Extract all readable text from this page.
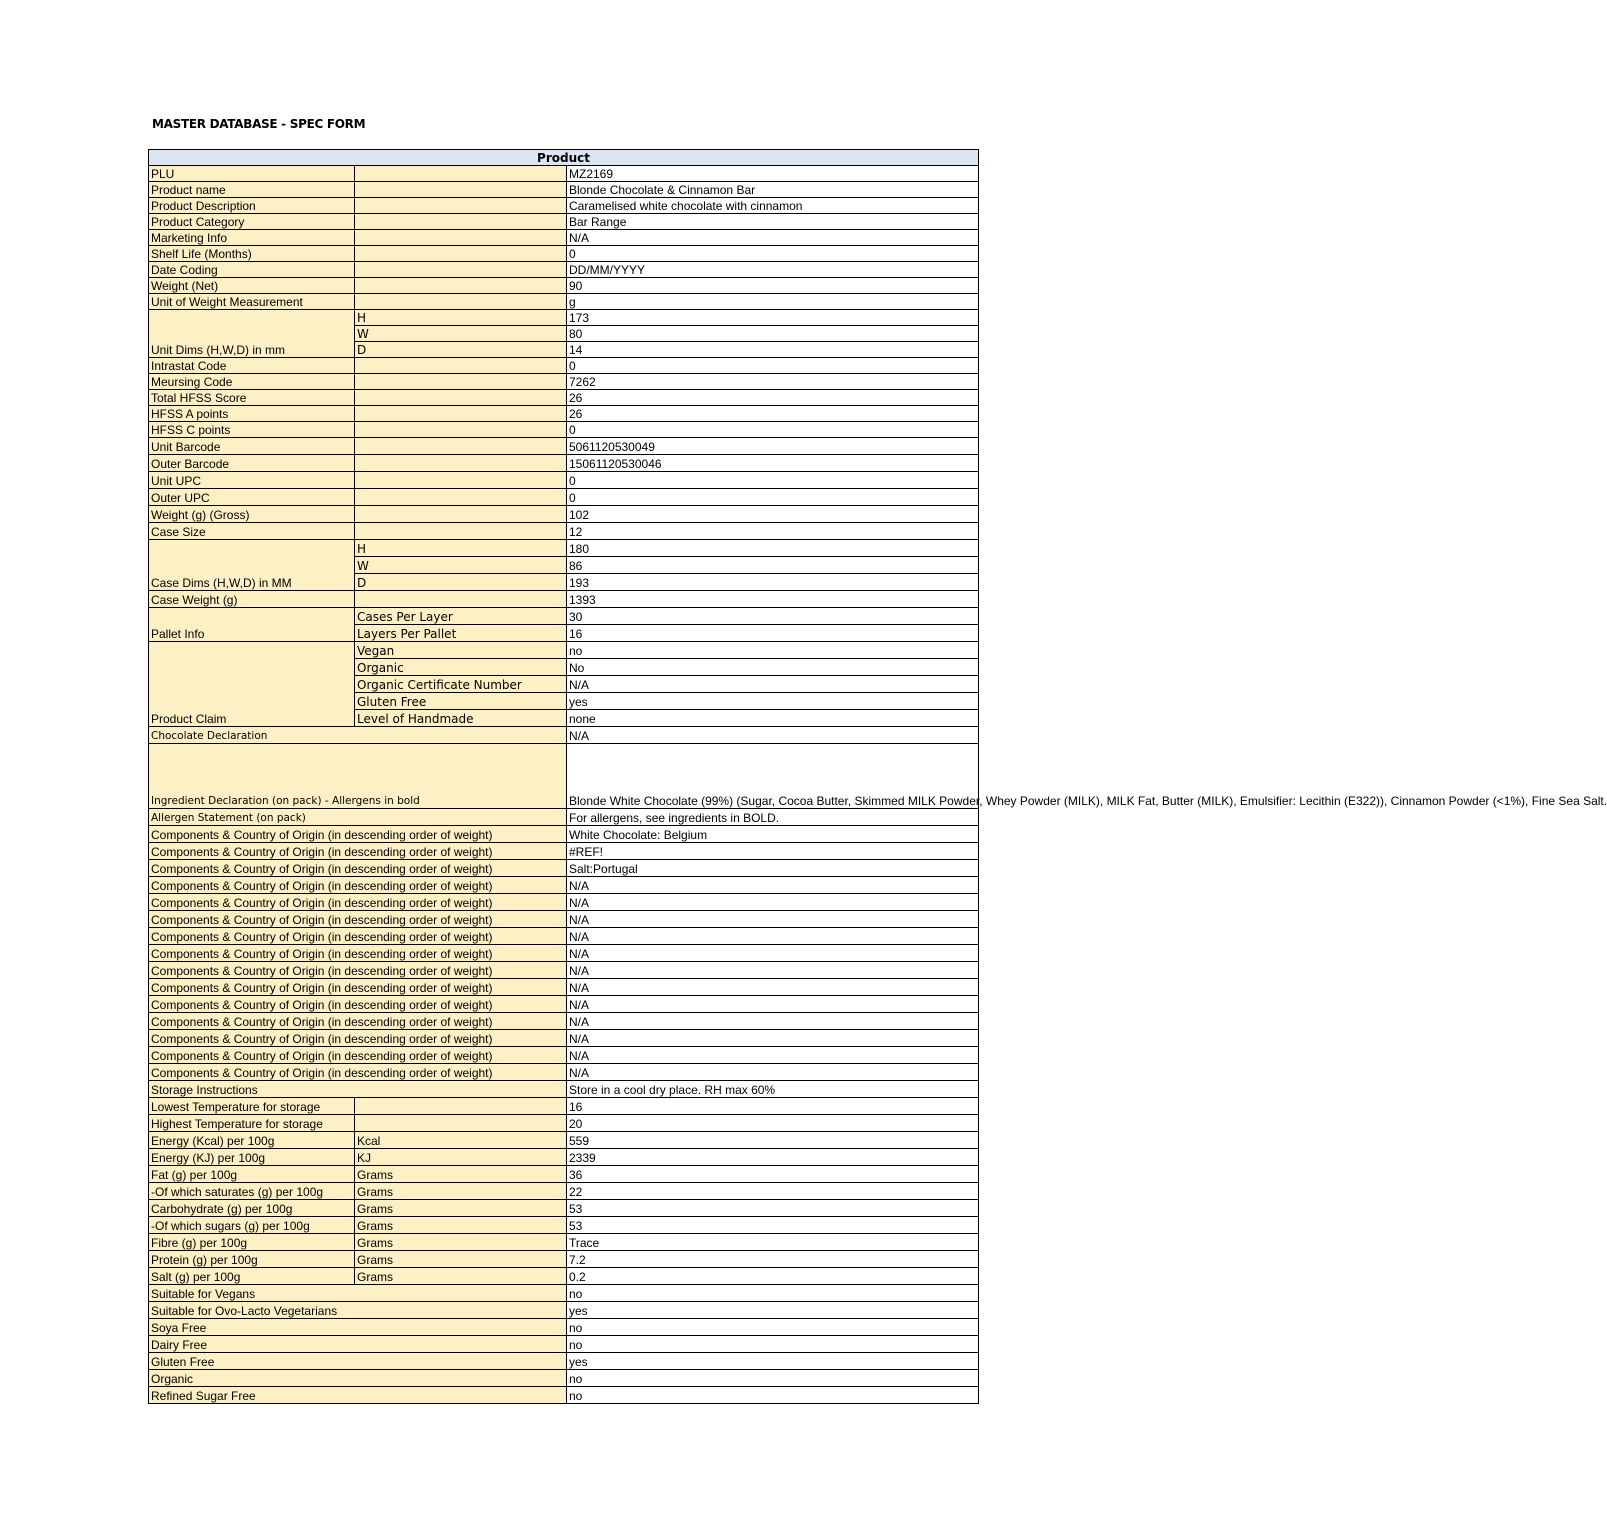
MASTER DATABASE - SPEC FORM
Product		
PLU		MZ2169
Product name		Blonde Chocolate & Cinnamon Bar
Product Description		Caramelised white chocolate with cinnamon
Product Category		Bar Range
Marketing Info		N/A
Shelf Life (Months)		0
Date Coding		DD/MM/YYYY
Weight (Net)		90
Unit of Weight Measurement		g
Unit Dims (H,W,D) in mm	H	173
	W	80
	D	14
Intrastat Code		0
Meursing Code		7262
Total HFSS Score		26
HFSS A points		26
HFSS C points		0
Unit Barcode		5061120530049
Outer Barcode		15061120530046
Unit UPC		0
Outer UPC		0
Weight (g) (Gross)		102
Case Size		12
Case Dims (H,W,D) in MM	H	180
	W	86
	D	193
Case Weight (g)		1393
Pallet Info	Cases Per Layer	30
	Layers Per Pallet	16
Product Claim	Vegan	no
	Organic	No
	Organic Certificate Number	N/A
	Gluten Free	yes
	Level of Handmade	none
Chocolate Declaration		N/A
Ingredient Declaration (on pack) - Allergens in bold		Blonde White Chocolate (99%) (Sugar, Cocoa Butter, Skimmed MILK Powder, Whey Powder (MILK), MILK Fat, Butter (MILK), Emulsifier: Lecithin (E322)), Cinnamon Powder (<1%), Fine Sea Salt.
Allergen Statement (on pack)		For allergens, see ingredients in BOLD.
Components & Country of Origin (in descending order of weight)		White Chocolate: Belgium
Components & Country of Origin (in descending order of weight)		#REF!
Components & Country of Origin (in descending order of weight)		Salt:Portugal
Components & Country of Origin (in descending order of weight)		N/A
Components & Country of Origin (in descending order of weight)		N/A
Components & Country of Origin (in descending order of weight)		N/A
Components & Country of Origin (in descending order of weight)		N/A
Components & Country of Origin (in descending order of weight)		N/A
Components & Country of Origin (in descending order of weight)		N/A
Components & Country of Origin (in descending order of weight)		N/A
Components & Country of Origin (in descending order of weight)		N/A
Components & Country of Origin (in descending order of weight)		N/A
Components & Country of Origin (in descending order of weight)		N/A
Components & Country of Origin (in descending order of weight)		N/A
Components & Country of Origin (in descending order of weight)		N/A
Storage Instructions		Store in a cool dry place. RH max 60%
Lowest Temperature for storage		16
Highest Temperature for storage		20
Energy (Kcal) per 100g	Kcal	559
Energy (KJ) per 100g	KJ	2339
Fat (g) per 100g	Grams	36
-Of which saturates (g) per 100g	Grams	22
Carbohydrate (g) per 100g	Grams	53
-Of which sugars (g) per 100g	Grams	53
Fibre (g) per 100g	Grams	Trace
Protein (g) per 100g	Grams	7.2
Salt (g) per 100g	Grams	0.2
Suitable for Vegans		no
Suitable for Ovo-Lacto Vegetarians		yes
Soya Free		no
Dairy Free		no
Gluten Free		yes
Organic		no
Refined Sugar Free		no
